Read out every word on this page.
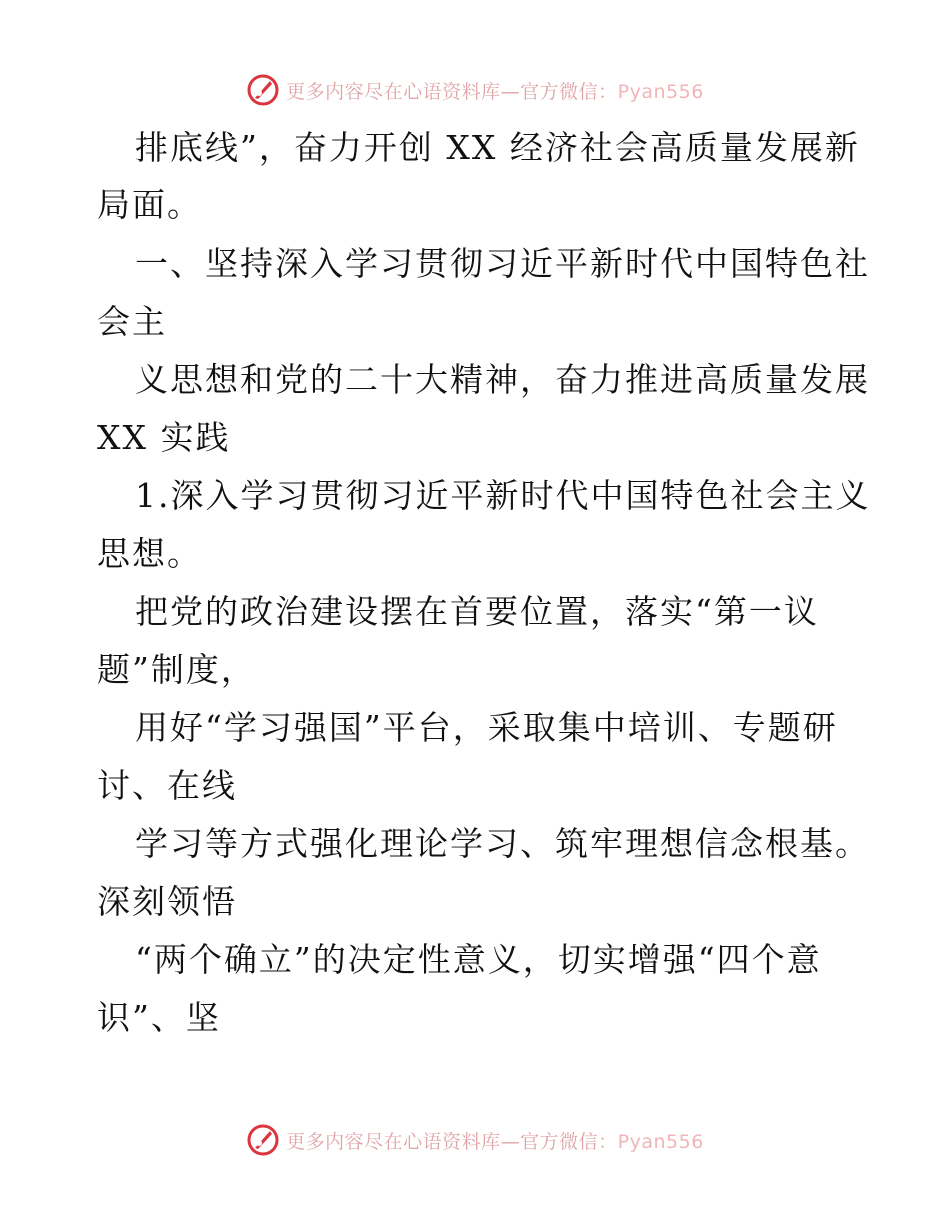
更多内容尽在心语资料库—官方微信：Pyan556
排底线”，奋力开创 XX 经济社会高质量发展新
局面。
一、坚持深入学习贯彻习近平新时代中国特色社
会主
义思想和党的二十大精神，奋力推进高质量发展
XX 实践
1.深入学习贯彻习近平新时代中国特色社会主义
思想。
把党的政治建设摆在首要位置，落实“第一议
题”制度，
用好“学习强国”平台，采取集中培训、专题研
讨、在线
学习等方式强化理论学习、筑牢理想信念根基。
深刻领悟
“两个确立”的决定性意义，切实增强“四个意
识”、坚
更多内容尽在心语资料库—官方微信：Pyan556
